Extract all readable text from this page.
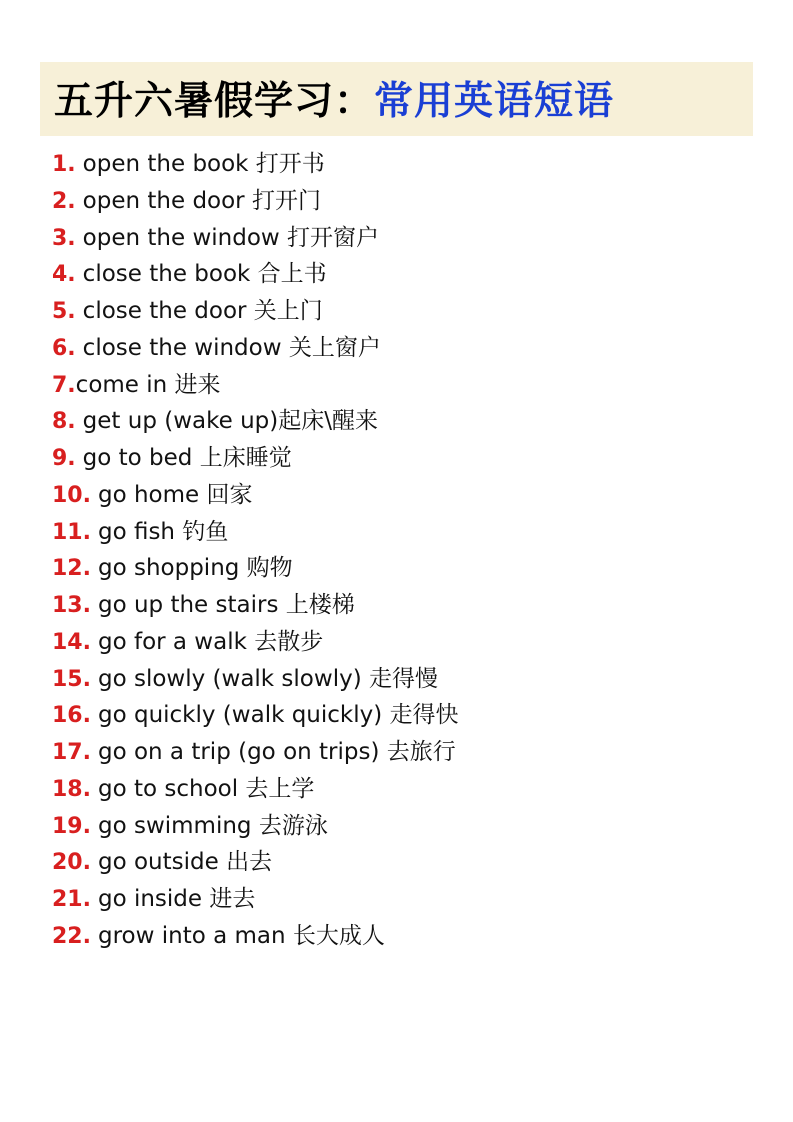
五升六暑假学习： 常用英语短语
1. open the book 打开书
2. open the door 打开门
3. open the window 打开窗户
4. close the book 合上书
5. close the door 关上门
6. close the window 关上窗户
7. come in 进来
8. get up (wake up)起床\醒来
9. go to bed 上床睡觉
10. go home 回家
11. go fish 钓鱼
12. go shopping 购物
13. go up the stairs 上楼梯
14. go for a walk 去散步
15. go slowly (walk slowly) 走得慢
16. go quickly (walk quickly) 走得快
17. go on a trip (go on trips) 去旅行
18. go to school 去上学
19. go swimming 去游泳
20. go outside 出去
21. go inside 进去
22. grow into a man 长大成人
